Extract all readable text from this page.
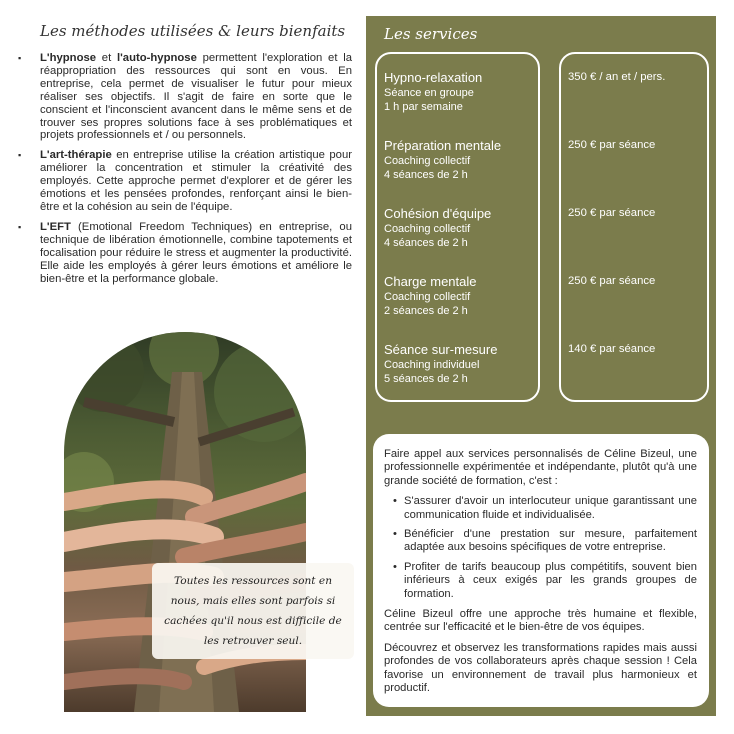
Les méthodes utilisées & leurs bienfaits
▪ L'hypnose et l'auto-hypnose permettent l'exploration et la réappropriation des ressources qui sont en vous. En entreprise, cela permet de visualiser le futur pour mieux réaliser ses objectifs. Il s'agit de faire en sorte que le conscient et l'inconscient avancent dans le même sens et de trouver ses propres solutions face à ses problématiques et projets professionnels et / ou personnels.
▪ L'art-thérapie en entreprise utilise la création artistique pour améliorer la concentration et stimuler la créativité des employés. Cette approche permet d'explorer et de gérer les émotions et les pensées profondes, renforçant ainsi le bien-être et la cohésion au sein de l'équipe.
▪ L'EFT (Emotional Freedom Techniques) en entreprise, ou technique de libération émotionnelle, combine tapotements et focalisation pour réduire le stress et augmenter la productivité. Elle aide les employés à gérer leurs émotions et améliore le bien-être et la performance globale.
Toutes les ressources sont en nous, mais elles sont parfois si cachées qu'il nous est difficile de les retrouver seul.
Les services
Hypno-relaxation
Séance en groupe
1 h par semaine
350 € / an et / pers.
Préparation mentale
Coaching collectif
4 séances de 2 h
250 € par séance
Cohésion d'équipe
Coaching collectif
4 séances de 2 h
250 € par séance
Charge mentale
Coaching collectif
2 séances de 2 h
250 € par séance
Séance sur-mesure
Coaching individuel
5 séances de 2 h
140 € par séance

Faire appel aux services personnalisés de Céline Bizeul, une professionnelle expérimentée et indépendante, plutôt qu'à une grande société de formation, c'est :

• S'assurer d'avoir un interlocuteur unique garantissant une communication fluide et individualisée.
• Bénéficier d'une prestation sur mesure, parfaitement adaptée aux besoins spécifiques de votre entreprise.
• Profiter de tarifs beaucoup plus compétitifs, souvent bien inférieurs à ceux exigés par les grands groupes de formation.

Céline Bizeul offre une approche très humaine et flexible, centrée sur l'efficacité et le bien-être de vos équipes.

Découvrez et observez les transformations rapides mais aussi profondes de vos collaborateurs après chaque session ! Cela favorise un environnement de travail plus harmonieux et productif.
